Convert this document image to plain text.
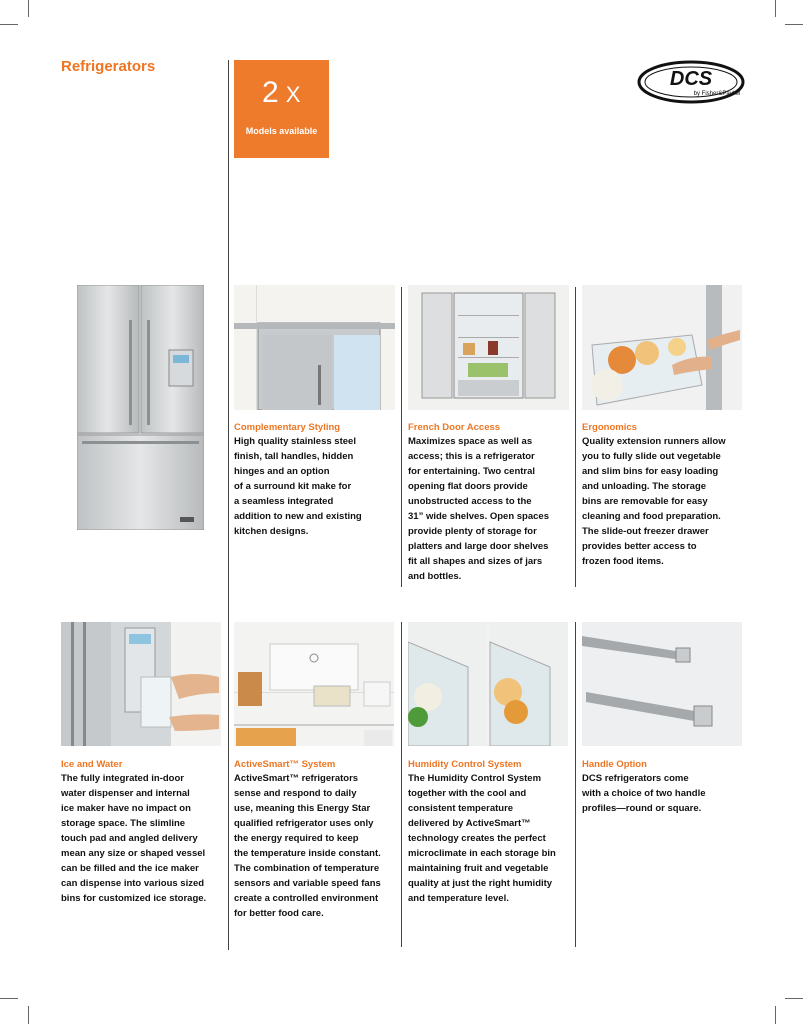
Refrigerators
2 X
Models available
DCS
by Fisher&Paykel
Complementary Styling
High quality stainless steel
finish, tall handles, hidden
hinges and an option
of a surround kit make for
a seamless integrated
addition to new and existing
kitchen designs.
French Door Access
Maximizes space as well as
access; this is a refrigerator
for entertaining. Two central
opening flat doors provide
unobstructed access to the
31” wide shelves. Open spaces
provide plenty of storage for
platters and large door shelves
fit all shapes and sizes of jars
and bottles.
Ergonomics
Quality extension runners allow
you to fully slide out vegetable
and slim bins for easy loading
and unloading. The storage
bins are removable for easy
cleaning and food preparation.
The slide-out freezer drawer
provides better access to
frozen food items.
Ice and Water
The fully integrated in-door
water dispenser and internal
ice maker have no impact on
storage space. The slimline
touch pad and angled delivery
mean any size or shaped vessel
can be filled and the ice maker
can dispense into various sized
bins for customized ice storage.
ActiveSmart™ System
ActiveSmart™ refrigerators
sense and respond to daily
use, meaning this Energy Star
qualified refrigerator uses only
the energy required to keep
the temperature inside constant.
The combination of temperature
sensors and variable speed fans
create a controlled environment
for better food care.
Humidity Control System
The Humidity Control System
together with the cool and
consistent temperature
delivered by ActiveSmart™
technology creates the perfect
microclimate in each storage bin
maintaining fruit and vegetable
quality at just the right humidity
and temperature level.
Handle Option
DCS refrigerators come
with a choice of two handle
profiles—round or square.
